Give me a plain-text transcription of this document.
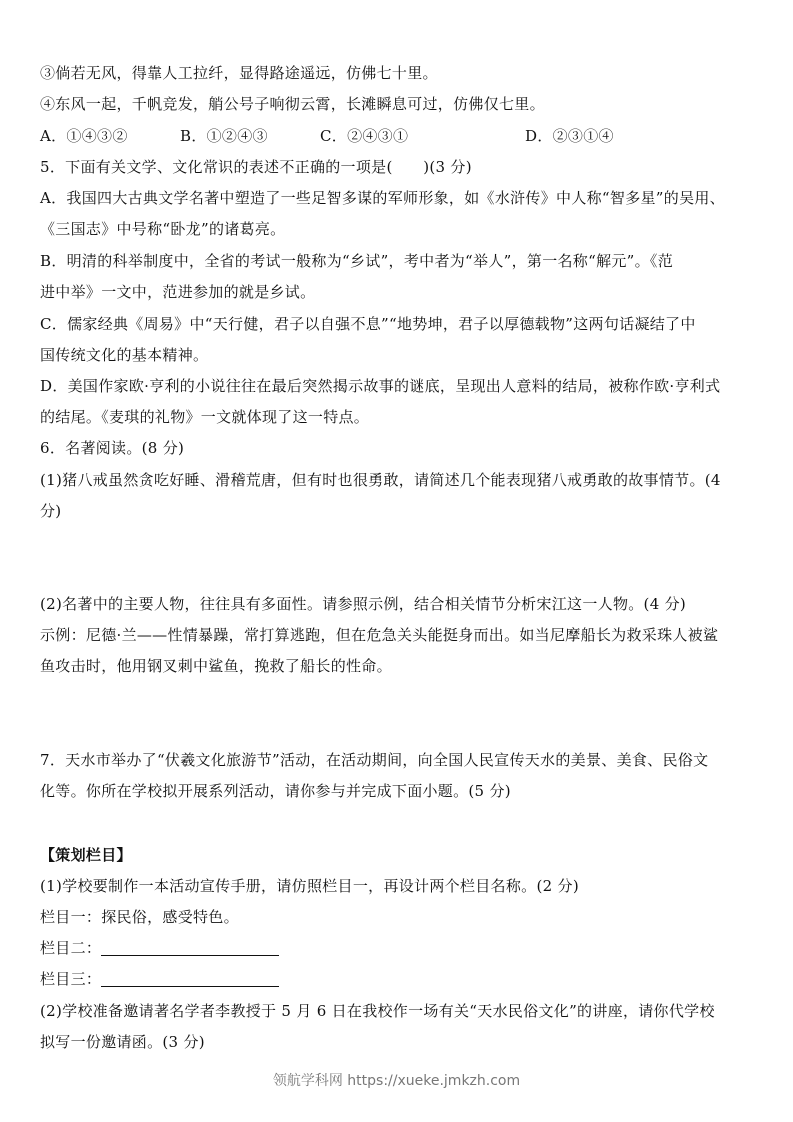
③倘若无风，得靠人工拉纤，显得路途遥远，仿佛七十里。
④东风一起，千帆竞发，艄公号子响彻云霄，长滩瞬息可过，仿佛仅七里。
A．①④③②	B．①②④③	C．②④③①	D．②③①④
5．下面有关文学、文化常识的表述不正确的一项是(　　)(3 分)
A．我国四大古典文学名著中塑造了一些足智多谋的军师形象，如《水浒传》中人称“智多星”的吴用、
《三国志》中号称“卧龙”的诸葛亮。
B．明清的科举制度中，全省的考试一般称为“乡试”，考中者为“举人”，第一名称“解元”。《范
进中举》一文中，范进参加的就是乡试。
C．儒家经典《周易》中“天行健，君子以自强不息”“地势坤，君子以厚德载物”这两句话凝结了中
国传统文化的基本精神。
D．美国作家欧·亨利的小说往往在最后突然揭示故事的谜底，呈现出人意料的结局，被称作欧·亨利式
的结尾。《麦琪的礼物》一文就体现了这一特点。
6．名著阅读。(8 分)
(1)猪八戒虽然贪吃好睡、滑稽荒唐，但有时也很勇敢，请简述几个能表现猪八戒勇敢的故事情节。(4
分)
(2)名著中的主要人物，往往具有多面性。请参照示例，结合相关情节分析宋江这一人物。(4 分)
示例：尼德·兰——性情暴躁，常打算逃跑，但在危急关头能挺身而出。如当尼摩船长为救采珠人被鲨
鱼攻击时，他用钢叉刺中鲨鱼，挽救了船长的性命。
7．天水市举办了“伏羲文化旅游节”活动，在活动期间，向全国人民宣传天水的美景、美食、民俗文
化等。你所在学校拟开展系列活动，请你参与并完成下面小题。(5 分)
【策划栏目】
(1)学校要制作一本活动宣传手册，请仿照栏目一，再设计两个栏目名称。(2 分)
栏目一：探民俗，感受特色。
栏目二：
栏目三：
(2)学校准备邀请著名学者李教授于 5 月 6 日在我校作一场有关“天水民俗文化”的讲座，请你代学校
拟写一份邀请函。(3 分)
领航学科网 https://xueke.jmkzh.com
